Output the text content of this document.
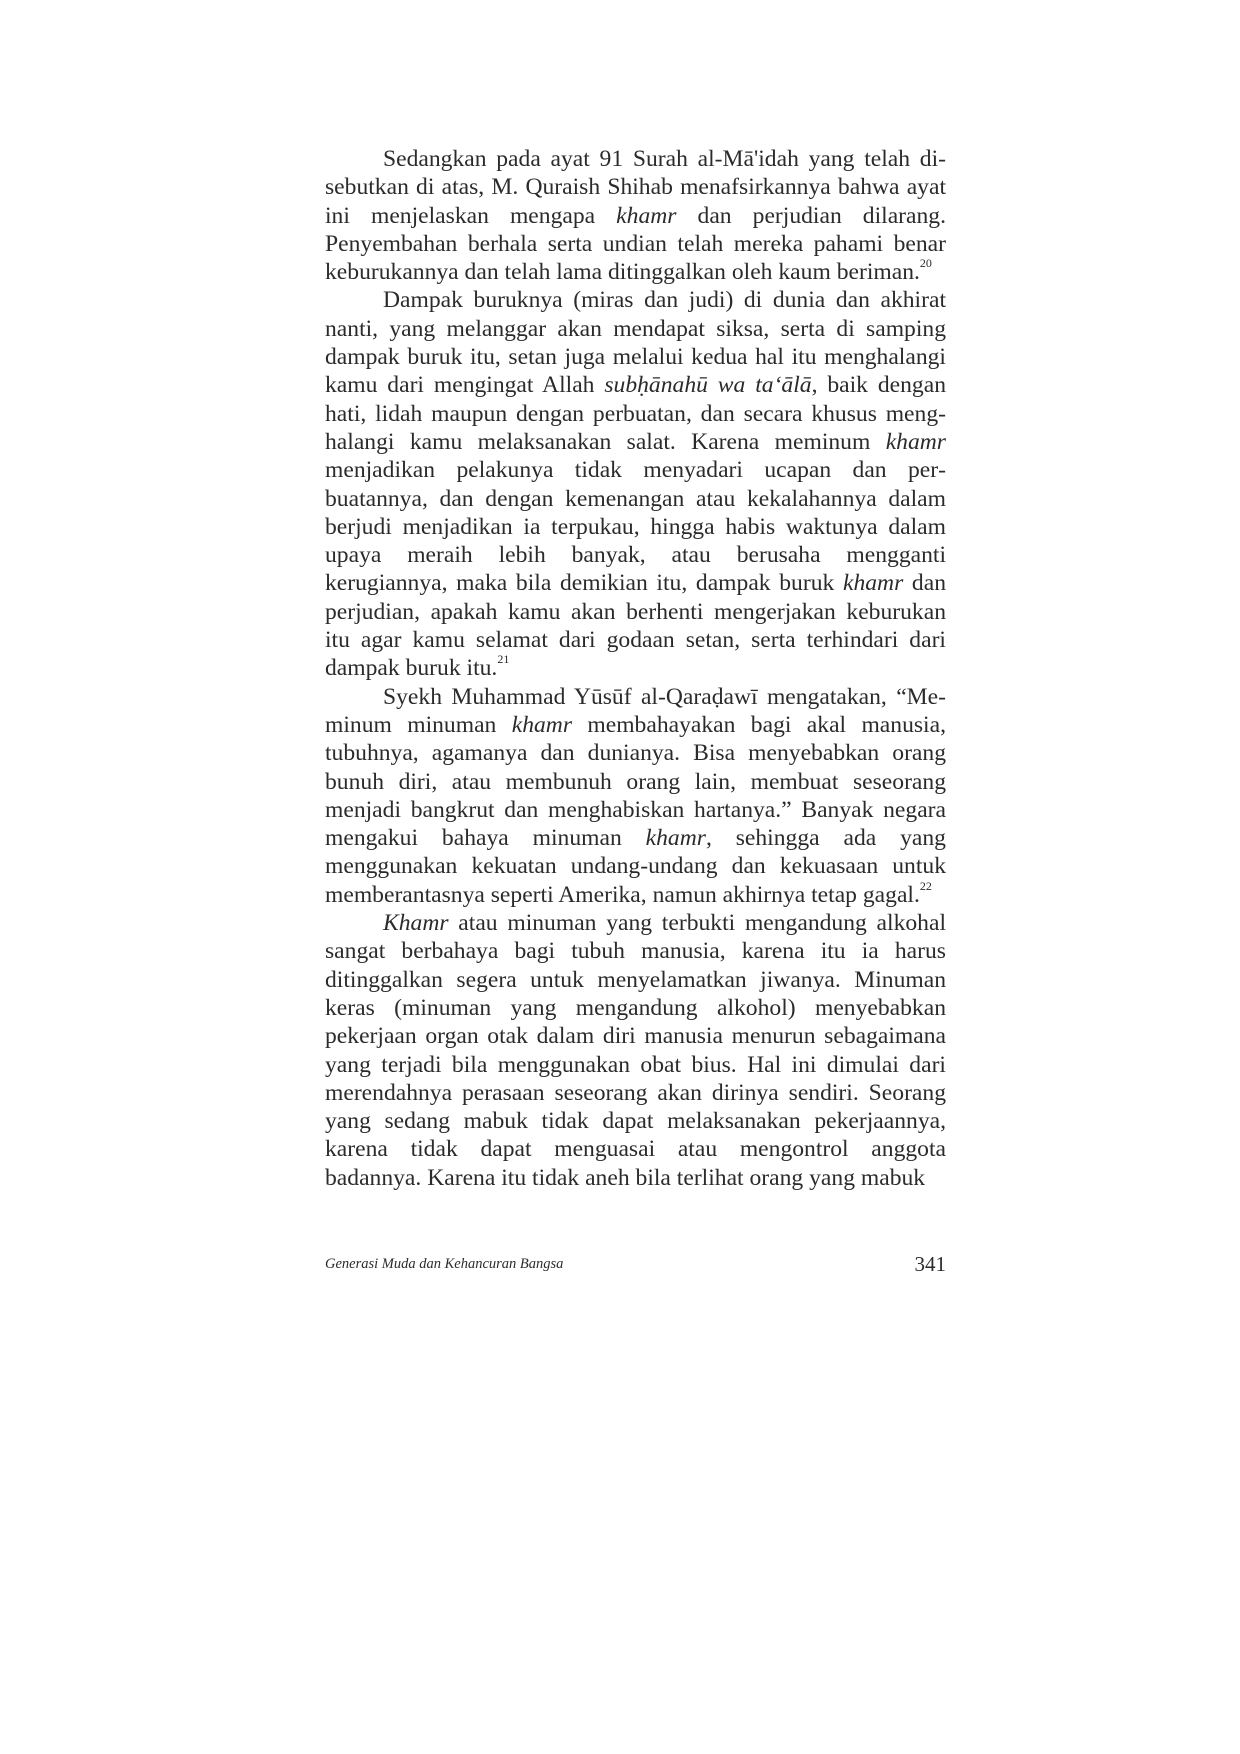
Sedangkan pada ayat 91 Surah al-Mā'idah yang telah disebutkan di atas, M. Quraish Shihab menafsirkannya bahwa ayat ini menjelaskan mengapa khamr dan perjudian dilarang. Penyembahan berhala serta undian telah mereka pahami benar keburukannya dan telah lama ditinggalkan oleh kaum beriman.$^{20}$

Dampak buruknya (miras dan judi) di dunia dan akhirat nanti, yang melanggar akan mendapat siksa, serta di samping dampak buruk itu, setan juga melalui kedua hal itu menghalangi kamu dari mengingat Allah subḥānahū wa ta‘ālā, baik dengan hati, lidah maupun dengan perbuatan, dan secara khusus menghalangi kamu melaksanakan salat. Karena meminum khamr menjadikan pelakunya tidak menyadari ucapan dan perbuatannya, dan dengan kemenangan atau kekalahannya dalam berjudi menjadikan ia terpukau, hingga habis waktunya dalam upaya meraih lebih banyak, atau berusaha mengganti kerugiannya, maka bila demikian itu, dampak buruk khamr dan perjudian, apakah kamu akan berhenti mengerjakan keburukan itu agar kamu selamat dari godaan setan, serta terhindari dari dampak buruk itu.$^{21}$

Syekh Muhammad Yūsūf al-Qaraḍawī mengatakan, “Meminum minuman khamr membahayakan bagi akal manusia, tubuhnya, agamanya dan dunianya. Bisa menyebabkan orang bunuh diri, atau membunuh orang lain, membuat seseorang menjadi bangkrut dan menghabiskan hartanya.” Banyak negara mengakui bahaya minuman khamr, sehingga ada yang menggunakan kekuatan undang-undang dan kekuasaan untuk memberantasnya seperti Amerika, namun akhirnya tetap gagal.$^{22}$

Khamr atau minuman yang terbukti mengandung alkohal sangat berbahaya bagi tubuh manusia, karena itu ia harus ditinggalkan segera untuk menyelamatkan jiwanya. Minuman keras (minuman yang mengandung alkohol) menyebabkan pekerjaan organ otak dalam diri manusia menurun sebagaimana yang terjadi bila menggunakan obat bius. Hal ini dimulai dari merendahnya perasaan seseorang akan dirinya sendiri. Seorang yang sedang mabuk tidak dapat melaksanakan pekerjaannya, karena tidak dapat menguasai atau mengontrol anggota badannya. Karena itu tidak aneh bila terlihat orang yang mabuk

Generasi Muda dan Kehancuran Bangsa	341
